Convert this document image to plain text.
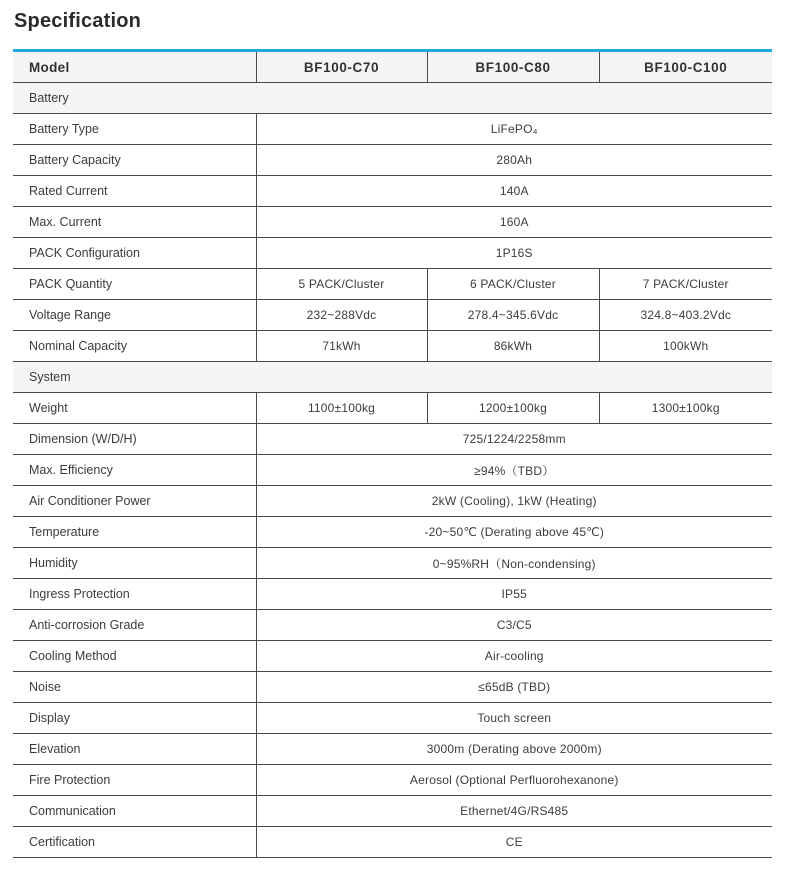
Specification
Model	BF100-C70	BF100-C80	BF100-C100
Battery			
Battery Type	LiFePO₄		
Battery Capacity	280Ah		
Rated Current	140A		
Max. Current	160A		
PACK Configuration	1P16S		
PACK Quantity	5 PACK/Cluster	6 PACK/Cluster	7 PACK/Cluster
Voltage Range	232~288Vdc	278.4~345.6Vdc	324.8~403.2Vdc
Nominal Capacity	71kWh	86kWh	100kWh
System			
Weight	1100±100kg	1200±100kg	1300±100kg
Dimension (W/D/H)	725/1224/2258mm		
Max. Efficiency	≥94%（TBD）		
Air Conditioner Power	2kW (Cooling), 1kW (Heating)		
Temperature	-20~50℃ (Derating above 45℃)		
Humidity	0~95%RH（Non-condensing)		
Ingress Protection	IP55		
Anti-corrosion Grade	C3/C5		
Cooling Method	Air-cooling		
Noise	≤65dB (TBD)		
Display	Touch screen		
Elevation	3000m (Derating above 2000m)		
Fire Protection	Aerosol (Optional Perfluorohexanone)		
Communication	Ethernet/4G/RS485		
Certification	CE		
